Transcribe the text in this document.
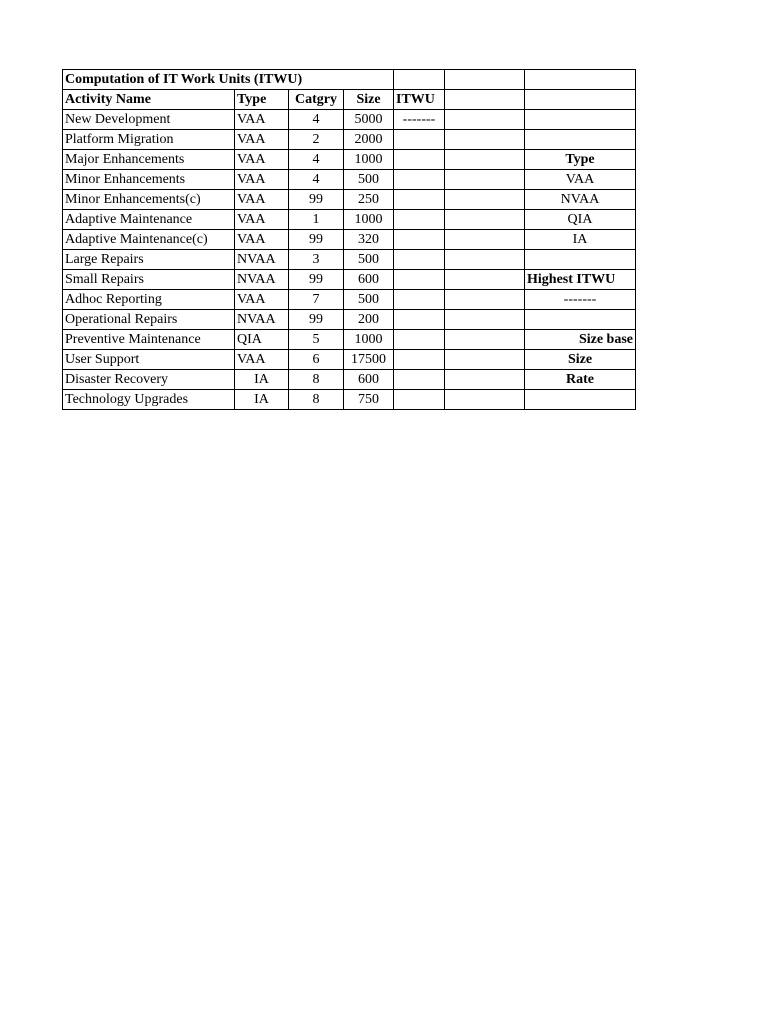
Computation of IT Work Units (ITWU)						
Activity Name	Type	Catgry	Size	ITWU		
New Development	VAA	4	5000	-------		
Platform Migration	VAA	2	2000			
Major Enhancements	VAA	4	1000			Type
Minor Enhancements	VAA	4	500			VAA
Minor Enhancements(c)	VAA	99	250			NVAA
Adaptive Maintenance	VAA	1	1000			QIA
Adaptive Maintenance(c)	VAA	99	320			IA
Large Repairs	NVAA	3	500			
Small Repairs	NVAA	99	600			Highest ITWU
Adhoc Reporting	VAA	7	500			-------
Operational Repairs	NVAA	99	200			
Preventive Maintenance	QIA	5	1000			Size base
User Support	VAA	6	17500			Size
Disaster Recovery	IA	8	600			Rate
Technology Upgrades	IA	8	750			
